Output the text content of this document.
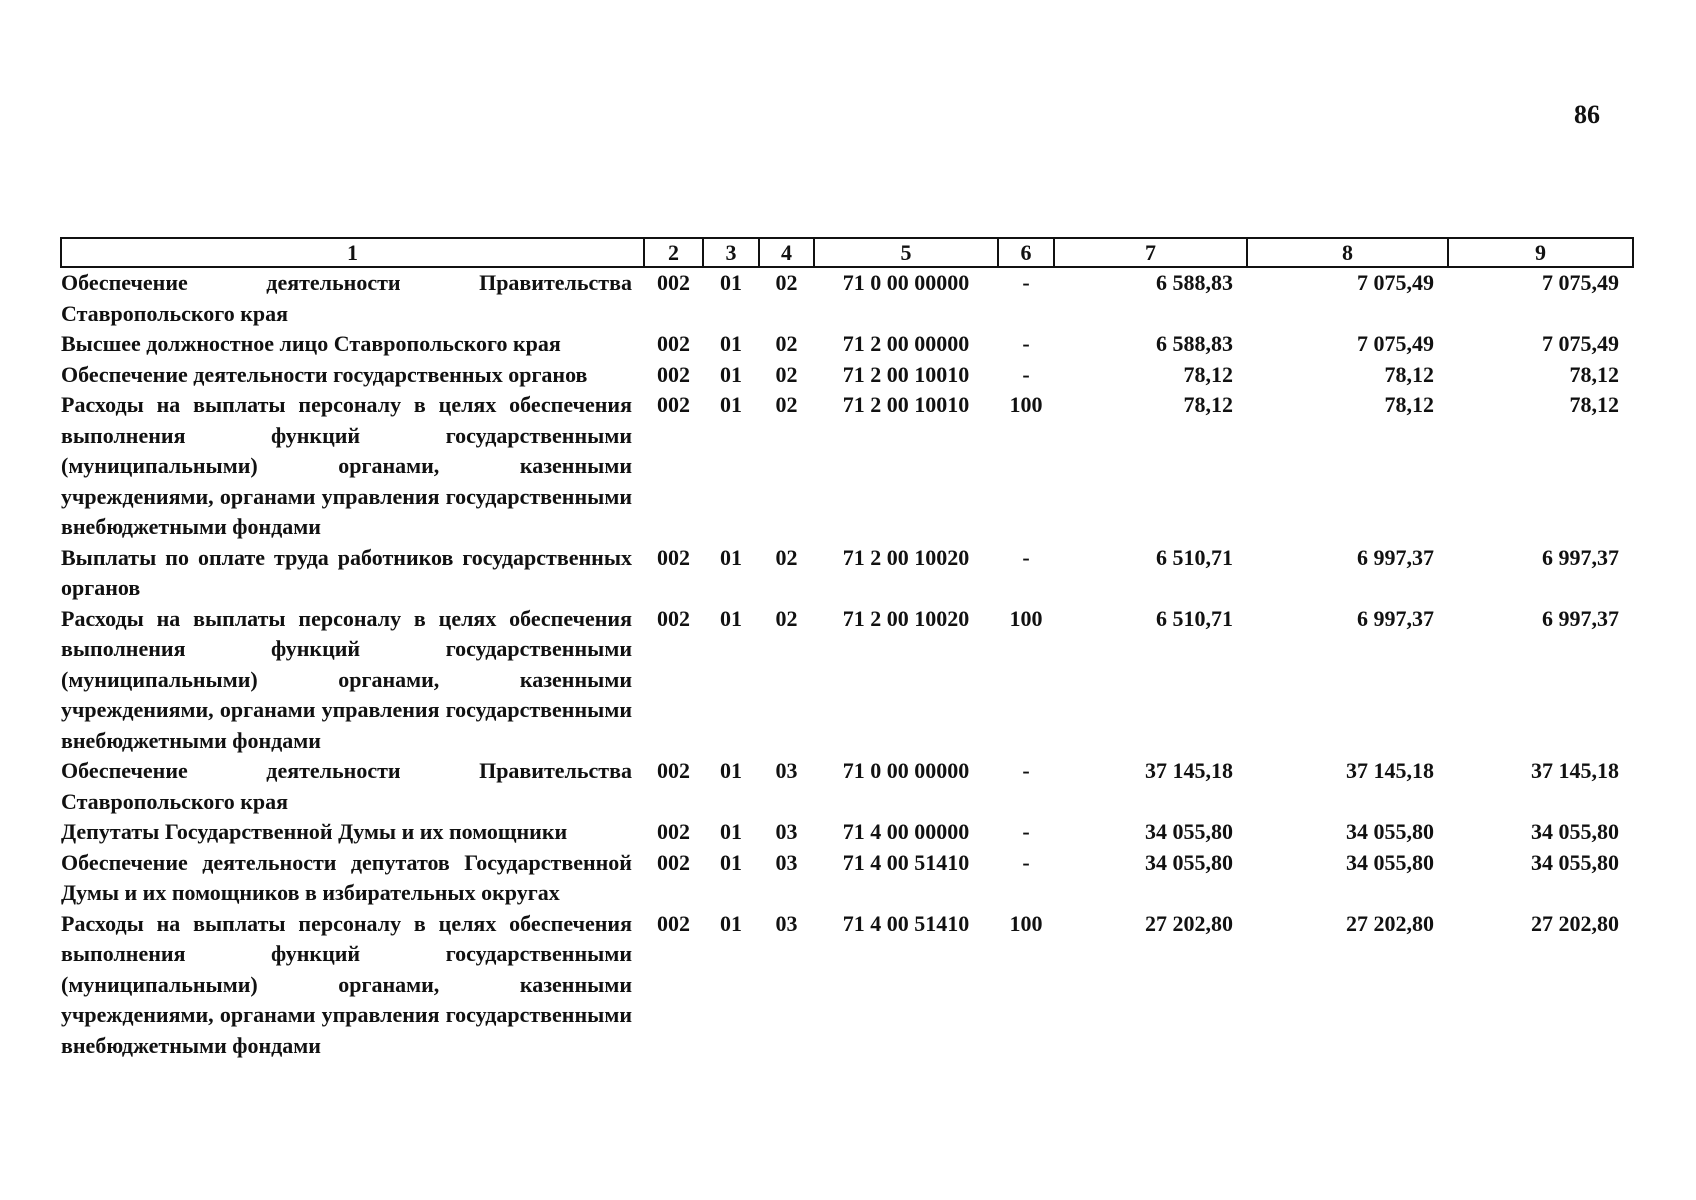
86
1	2	3	4	5	6	7	8	9
Обеспечение деятельности Правительства Ставропольского края	002	01	02	71 0 00 00000	-	6 588,83	7 075,49	7 075,49
Высшее должностное лицо Ставропольского края	002	01	02	71 2 00 00000	-	6 588,83	7 075,49	7 075,49
Обеспечение деятельности государственных органов	002	01	02	71 2 00 10010	-	78,12	78,12	78,12
Расходы на выплаты персоналу в целях обеспечения выполнения функций государственными (муниципальными) органами, казенными учреждениями, органами управления государственными внебюджетными фондами	002	01	02	71 2 00 10010	100	78,12	78,12	78,12
Выплаты по оплате труда работников государственных органов	002	01	02	71 2 00 10020	-	6 510,71	6 997,37	6 997,37
Расходы на выплаты персоналу в целях обеспечения выполнения функций государственными (муниципальными) органами, казенными учреждениями, органами управления государственными внебюджетными фондами	002	01	02	71 2 00 10020	100	6 510,71	6 997,37	6 997,37
Обеспечение деятельности Правительства Ставропольского края	002	01	03	71 0 00 00000	-	37 145,18	37 145,18	37 145,18
Депутаты Государственной Думы и их помощники	002	01	03	71 4 00 00000	-	34 055,80	34 055,80	34 055,80
Обеспечение деятельности депутатов Государственной Думы и их помощников в избирательных округах	002	01	03	71 4 00 51410	-	34 055,80	34 055,80	34 055,80
Расходы на выплаты персоналу в целях обеспечения выполнения функций государственными (муниципальными) органами, казенными учреждениями, органами управления государственными внебюджетными фондами	002	01	03	71 4 00 51410	100	27 202,80	27 202,80	27 202,80
